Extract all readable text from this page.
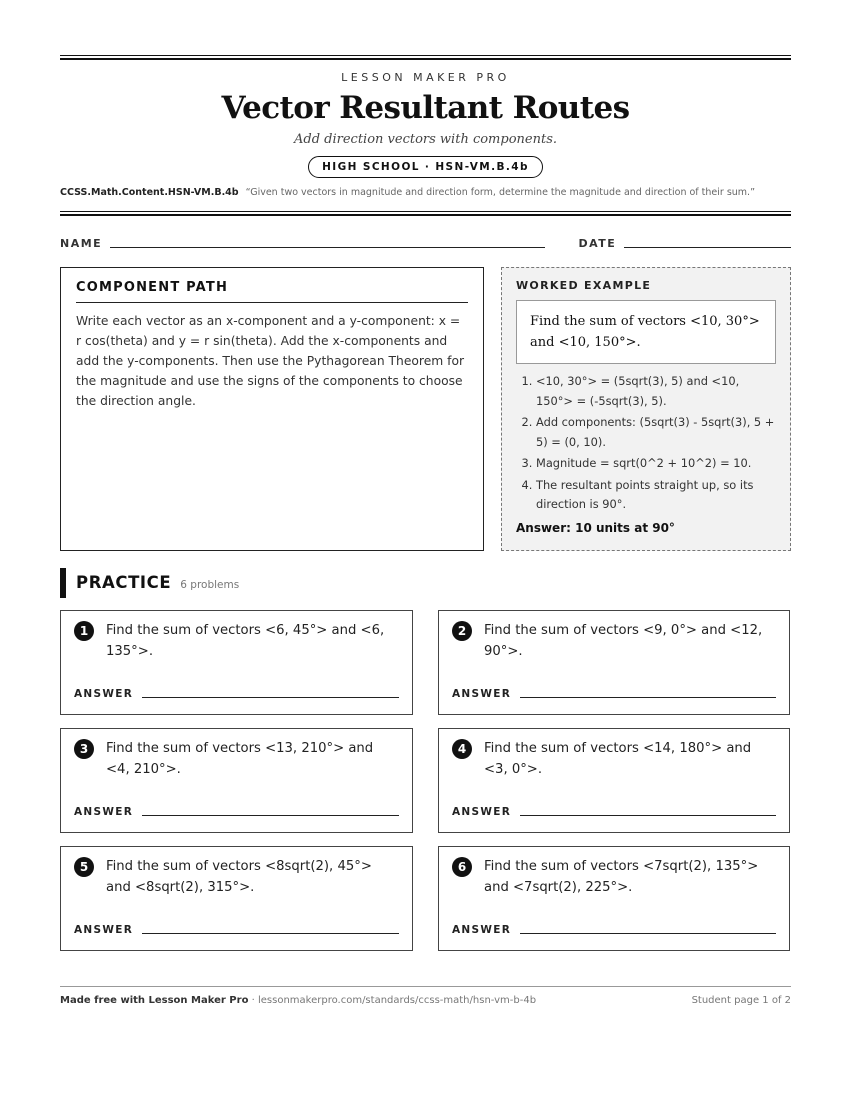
LESSON MAKER PRO
Vector Resultant Routes
Add direction vectors with components.
HIGH SCHOOL · HSN-VM.B.4b
CCSS.Math.Content.HSN-VM.B.4b “Given two vectors in magnitude and direction form, determine the magnitude and direction of their sum.”
NAME	DATE
COMPONENT PATH

Write each vector as an x-component and a y-component: x = r cos(theta) and y = r sin(theta). Add the x-components and add the y-components. Then use the Pythagorean Theorem for the magnitude and use the signs of the components to choose the direction angle.

WORKED EXAMPLE
Find the sum of vectors <10, 30°> and <10, 150°>.
1. <10, 30°> = (5sqrt(3), 5) and <10, 150°> = (-5sqrt(3), 5).
2. Add components: (5sqrt(3) - 5sqrt(3), 5 + 5) = (0, 10).
3. Magnitude = sqrt(0^2 + 10^2) = 10.
4. The resultant points straight up, so its direction is 90°.
Answer: 10 units at 90°
PRACTICE 6 problems
1	Find the sum of vectors <6, 45°> and <6, 135°>.
ANSWER
2	Find the sum of vectors <9, 0°> and <12, 90°>.
ANSWER
3	Find the sum of vectors <13, 210°> and <4, 210°>.
ANSWER
4	Find the sum of vectors <14, 180°> and <3, 0°>.
ANSWER
5	Find the sum of vectors <8sqrt(2), 45°> and <8sqrt(2), 315°>.
ANSWER
6	Find the sum of vectors <7sqrt(2), 135°> and <7sqrt(2), 225°>.
ANSWER
Made free with Lesson Maker Pro · lessonmakerpro.com/standards/ccss-math/hsn-vm-b-4b	Student page 1 of 2
